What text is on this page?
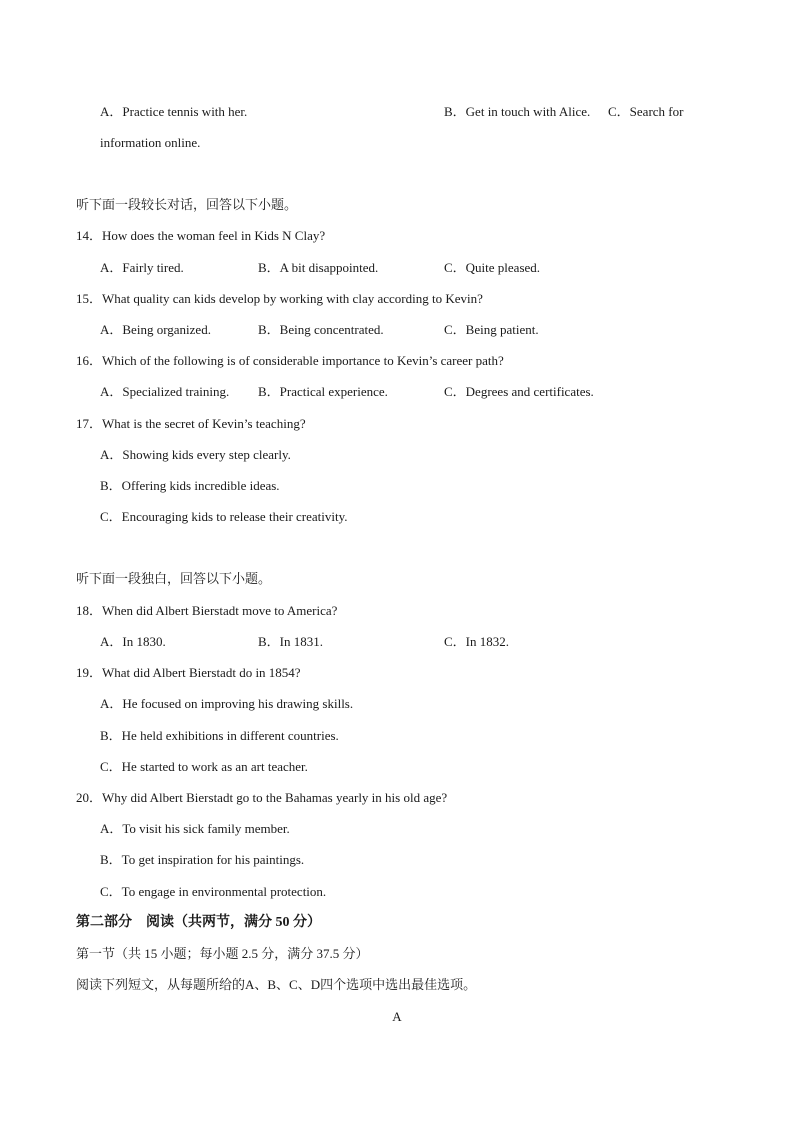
A．Practice tennis with her.	B．Get in touch with Alice. C．Search for
information online.
听下面一段较长对话，回答以下小题。
14．How does the woman feel in Kids N Clay?
A．Fairly tired.	B．A bit disappointed.	C．Quite pleased.
15．What quality can kids develop by working with clay according to Kevin?
A．Being organized.	B．Being concentrated.	C．Being patient.
16．Which of the following is of considerable importance to Kevin’s career path?
A．Specialized training. B．Practical experience.	C．Degrees and certificates.
17．What is the secret of Kevin’s teaching?
A．Showing kids every step clearly.
B．Offering kids incredible ideas.
C．Encouraging kids to release their creativity.
听下面一段独白，回答以下小题。
18．When did Albert Bierstadt move to America?
A．In 1830.	B．In 1831.	C．In 1832.
19．What did Albert Bierstadt do in 1854?
A．He focused on improving his drawing skills.
B．He held exhibitions in different countries.
C．He started to work as an art teacher.
20．Why did Albert Bierstadt go to the Bahamas yearly in his old age?
A．To visit his sick family member.
B．To get inspiration for his paintings.
C．To engage in environmental protection.
第二部分　阅读（共两节，满分 50 分）
第一节（共 15 小题；每小题 2.5 分，满分 37.5 分）
阅读下列短文，从每题所给的A、B、C、D四个选项中选出最佳选项。
A
